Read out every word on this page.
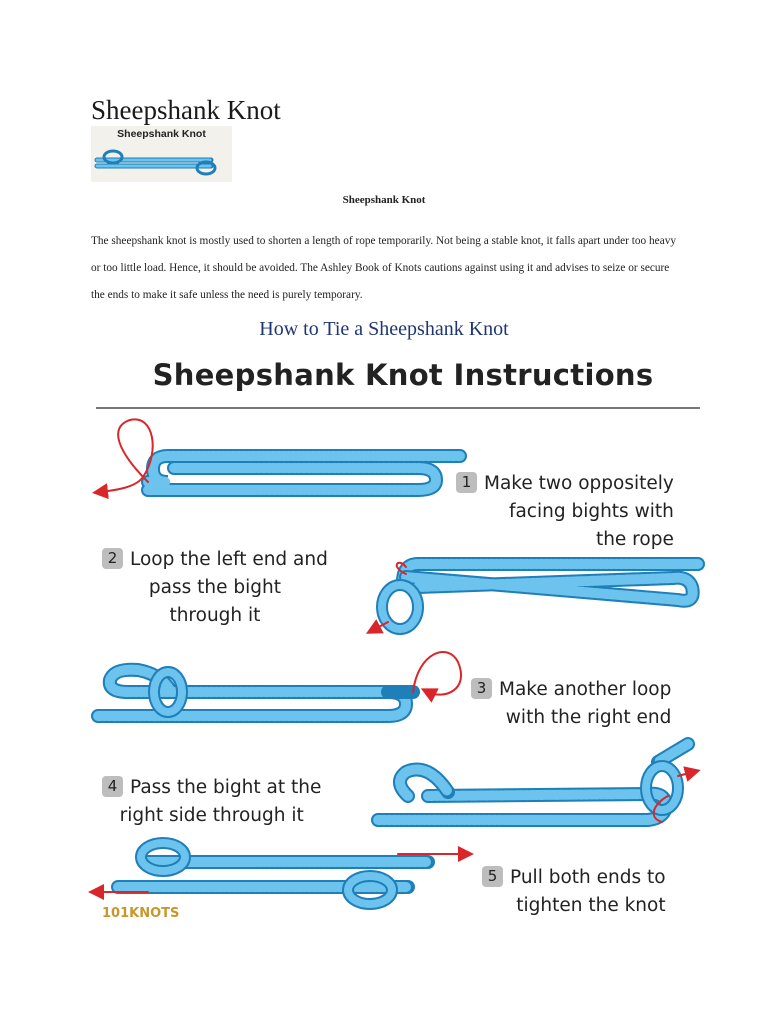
Sheepshank Knot
Sheepshank Knot
Sheepshank Knot

The sheepshank knot is mostly used to shorten a length of rope temporarily. Not being a stable knot, it falls apart under too heavy or too little load. Hence, it should be avoided. The Ashley Book of Knots cautions against using it and advises to seize or secure the ends to make it safe unless the need is purely temporary.

How to Tie a Sheepshank Knot
Sheepshank Knot Instructions
1 Make two oppositely
facing bights with
the rope
2 Loop the left end and
pass the bight
through it
3 Make another loop
with the right end
4 Pass the bight at the
right side through it
5 Pull both ends to
tighten the knot
101KNOTS
